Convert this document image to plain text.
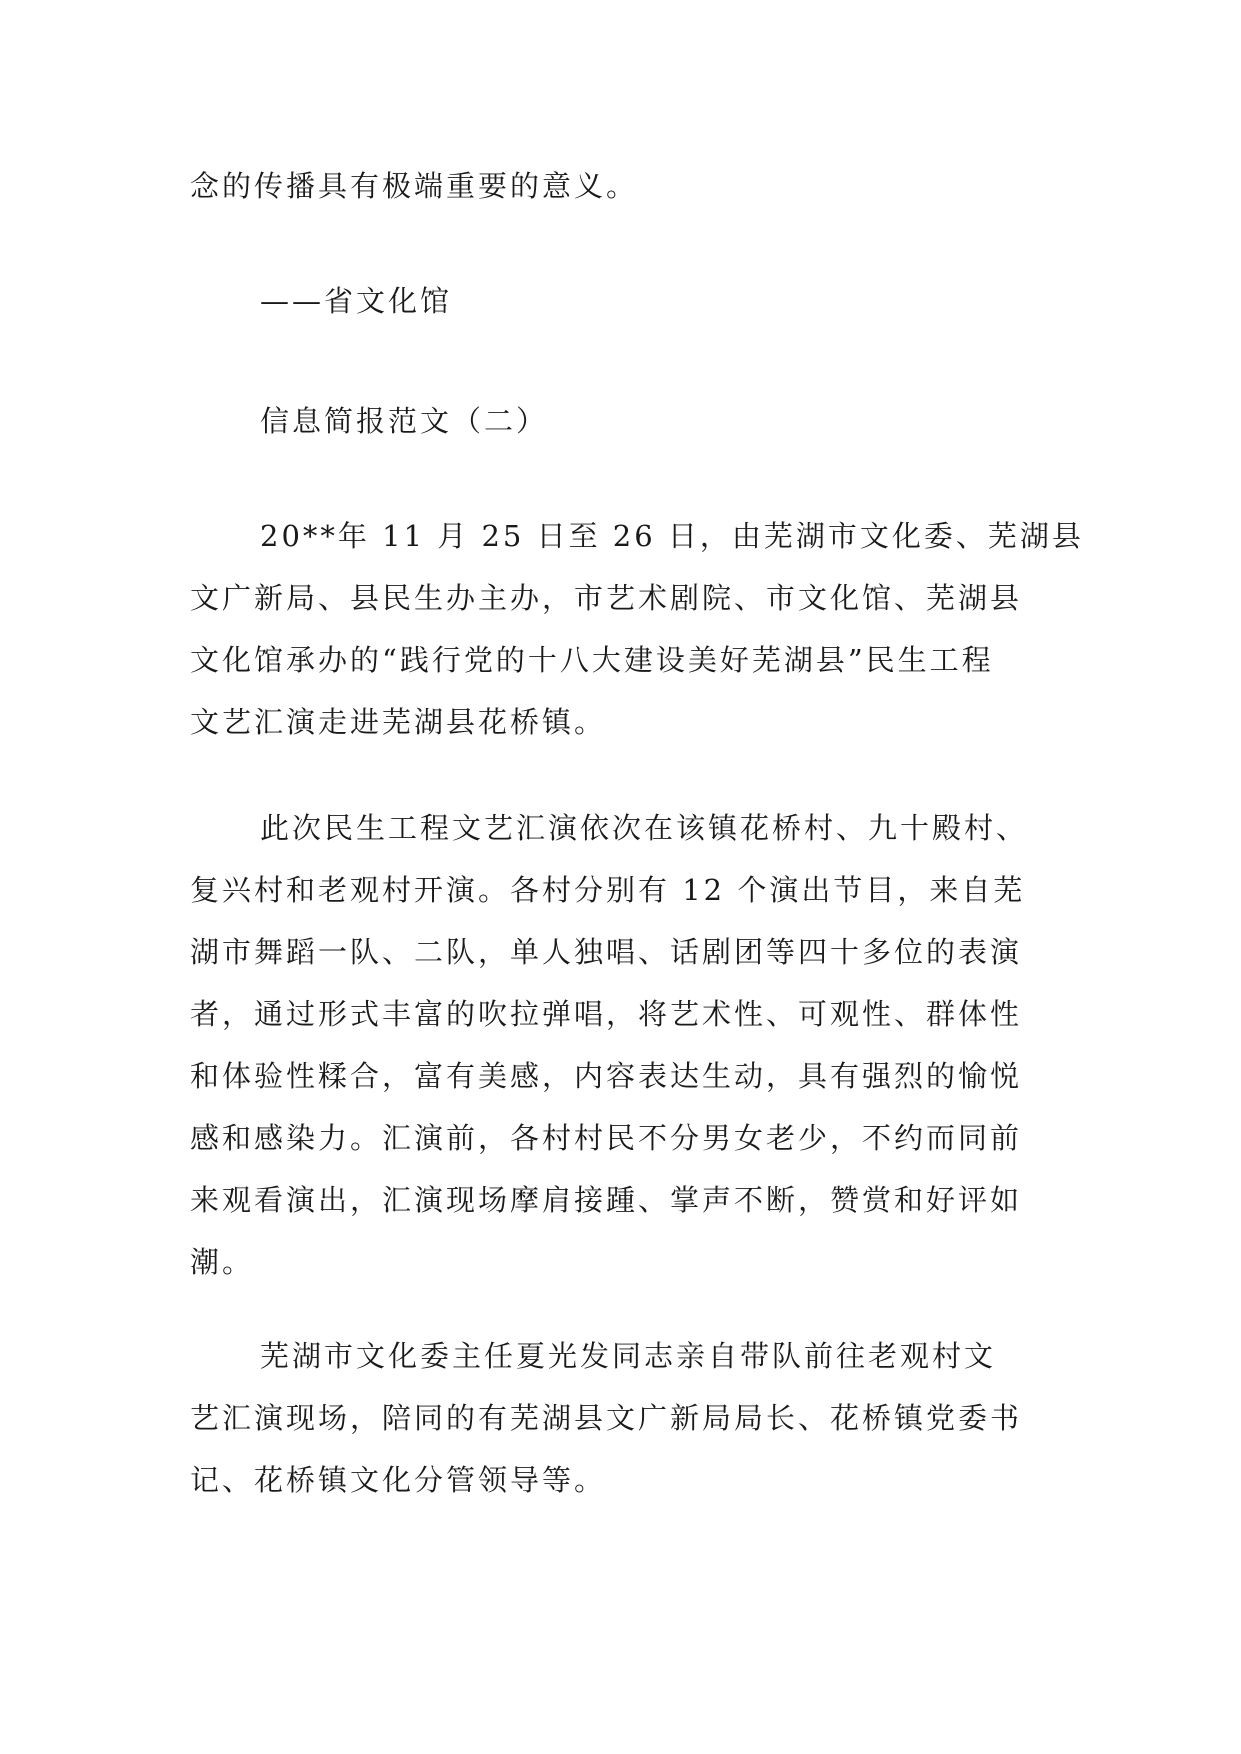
念的传播具有极端重要的意义。

——省文化馆

信息简报范文（二）

20**年 11 月 25 日至 26 日，由芜湖市文化委、芜湖县
文广新局、县民生办主办，市艺术剧院、市文化馆、芜湖县
文化馆承办的“践行党的十八大建设美好芜湖县”民生工程
文艺汇演走进芜湖县花桥镇。

此次民生工程文艺汇演依次在该镇花桥村、九十殿村、
复兴村和老观村开演。各村分别有 12 个演出节目，来自芜
湖市舞蹈一队、二队，单人独唱、话剧团等四十多位的表演
者，通过形式丰富的吹拉弹唱，将艺术性、可观性、群体性
和体验性糅合，富有美感，内容表达生动，具有强烈的愉悦
感和感染力。汇演前，各村村民不分男女老少，不约而同前
来观看演出，汇演现场摩肩接踵、掌声不断，赞赏和好评如
潮。

芜湖市文化委主任夏光发同志亲自带队前往老观村文
艺汇演现场，陪同的有芜湖县文广新局局长、花桥镇党委书
记、花桥镇文化分管领导等。
